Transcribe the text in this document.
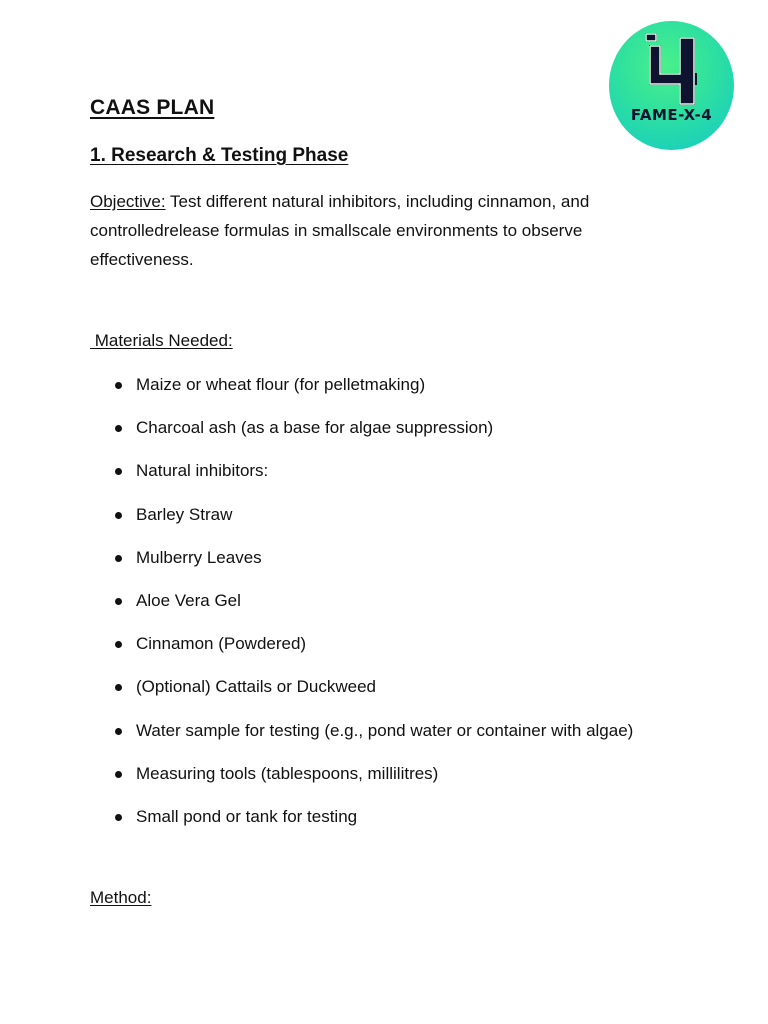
FAME-X-4
CAAS PLAN
1. Research & Testing Phase
Objective: Test different natural inhibitors, including cinnamon, and controlledrelease formulas in smallscale environments to observe effectiveness.
Materials Needed:
Maize or wheat flour (for pelletmaking)
Charcoal ash (as a base for algae suppression)
Natural inhibitors:
Barley Straw
Mulberry Leaves
Aloe Vera Gel
Cinnamon (Powdered)
(Optional) Cattails or Duckweed
Water sample for testing (e.g., pond water or container with algae)
Measuring tools (tablespoons, millilitres)
Small pond or tank for testing
Method:
